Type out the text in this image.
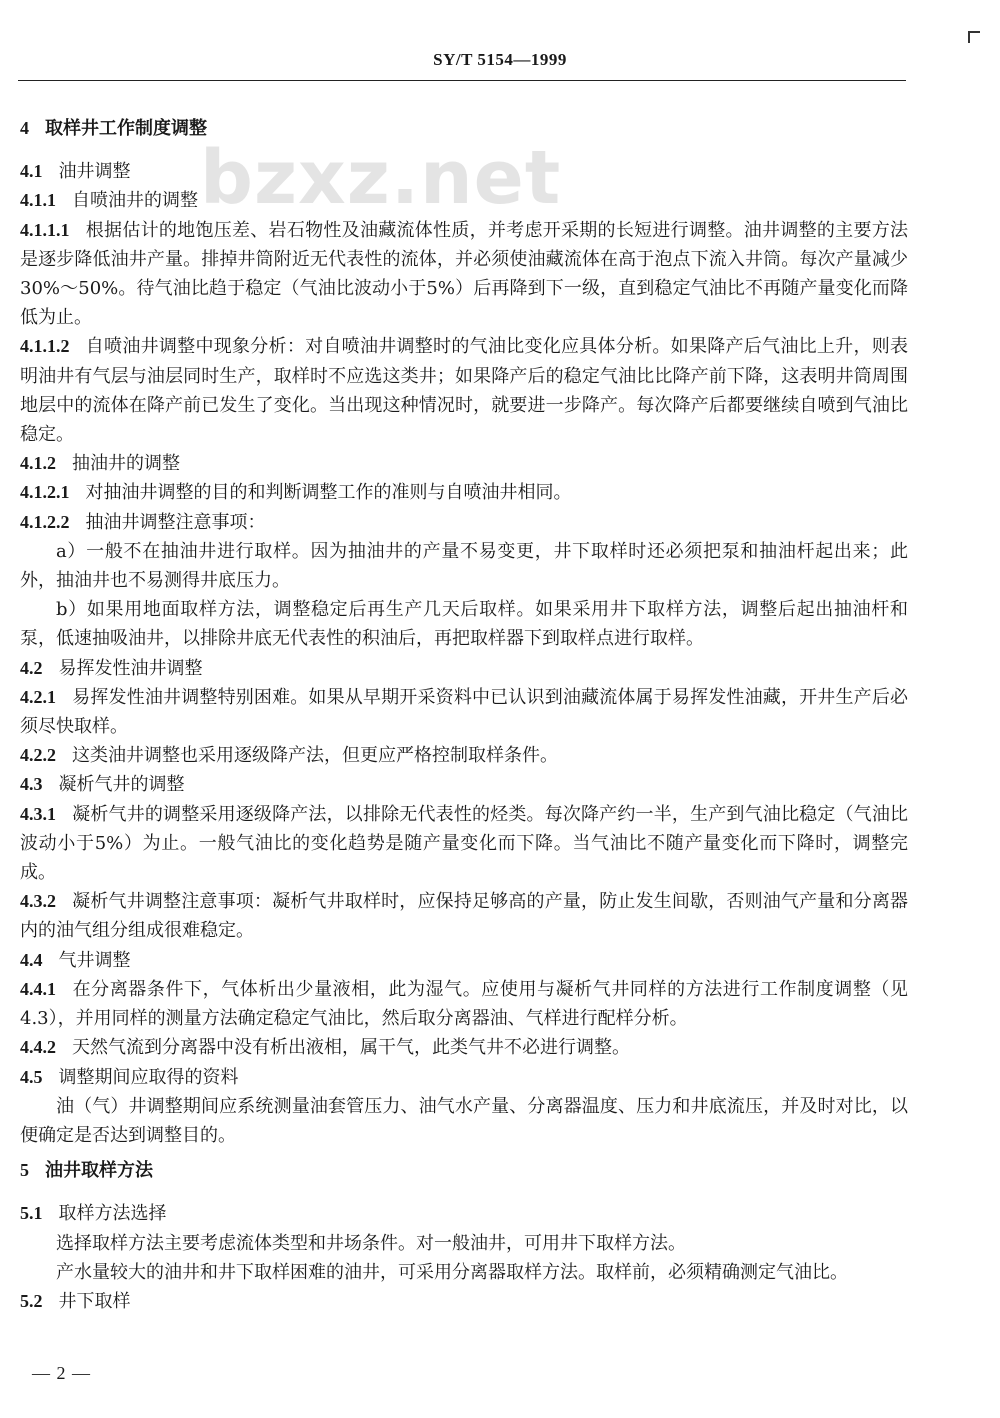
SY/T 5154—1999
bzxz.net

4 取样井工作制度调整

4.1 油井调整

4.1.1 自喷油井的调整

4.1.1.1 根据估计的地饱压差、岩石物性及油藏流体性质，并考虑开采期的长短进行调整。油井调整的主要方法是逐步降低油井产量。排掉井筒附近无代表性的流体，并必须使油藏流体在高于泡点下流入井筒。每次产量减少30%～50%。待气油比趋于稳定（气油比波动小于5%）后再降到下一级，直到稳定气油比不再随产量变化而降低为止。

4.1.1.2 自喷油井调整中现象分析：对自喷油井调整时的气油比变化应具体分析。如果降产后气油比上升，则表明油井有气层与油层同时生产，取样时不应选这类井；如果降产后的稳定气油比比降产前下降，这表明井筒周围地层中的流体在降产前已发生了变化。当出现这种情况时，就要进一步降产。每次降产后都要继续自喷到气油比稳定。

4.1.2 抽油井的调整

4.1.2.1 对抽油井调整的目的和判断调整工作的准则与自喷油井相同。

4.1.2.2 抽油井调整注意事项：

a）一般不在抽油井进行取样。因为抽油井的产量不易变更，井下取样时还必须把泵和抽油杆起出来；此外，抽油井也不易测得井底压力。

b）如果用地面取样方法，调整稳定后再生产几天后取样。如果采用井下取样方法，调整后起出抽油杆和泵，低速抽吸油井，以排除井底无代表性的积油后，再把取样器下到取样点进行取样。

4.2 易挥发性油井调整

4.2.1 易挥发性油井调整特别困难。如果从早期开采资料中已认识到油藏流体属于易挥发性油藏，开井生产后必须尽快取样。

4.2.2 这类油井调整也采用逐级降产法，但更应严格控制取样条件。

4.3 凝析气井的调整

4.3.1 凝析气井的调整采用逐级降产法，以排除无代表性的烃类。每次降产约一半，生产到气油比稳定（气油比波动小于5%）为止。一般气油比的变化趋势是随产量变化而下降。当气油比不随产量变化而下降时，调整完成。

4.3.2 凝析气井调整注意事项：凝析气井取样时，应保持足够高的产量，防止发生间歇，否则油气产量和分离器内的油气组分组成很难稳定。

4.4 气井调整

4.4.1 在分离器条件下，气体析出少量液相，此为湿气。应使用与凝析气井同样的方法进行工作制度调整（见4.3），并用同样的测量方法确定稳定气油比，然后取分离器油、气样进行配样分析。

4.4.2 天然气流到分离器中没有析出液相，属干气，此类气井不必进行调整。

4.5 调整期间应取得的资料

油（气）井调整期间应系统测量油套管压力、油气水产量、分离器温度、压力和井底流压，并及时对比，以便确定是否达到调整目的。

5 油井取样方法

5.1 取样方法选择

选择取样方法主要考虑流体类型和井场条件。对一般油井，可用井下取样方法。

产水量较大的油井和井下取样困难的油井，可采用分离器取样方法。取样前，必须精确测定气油比。

5.2 井下取样

— 2 —
